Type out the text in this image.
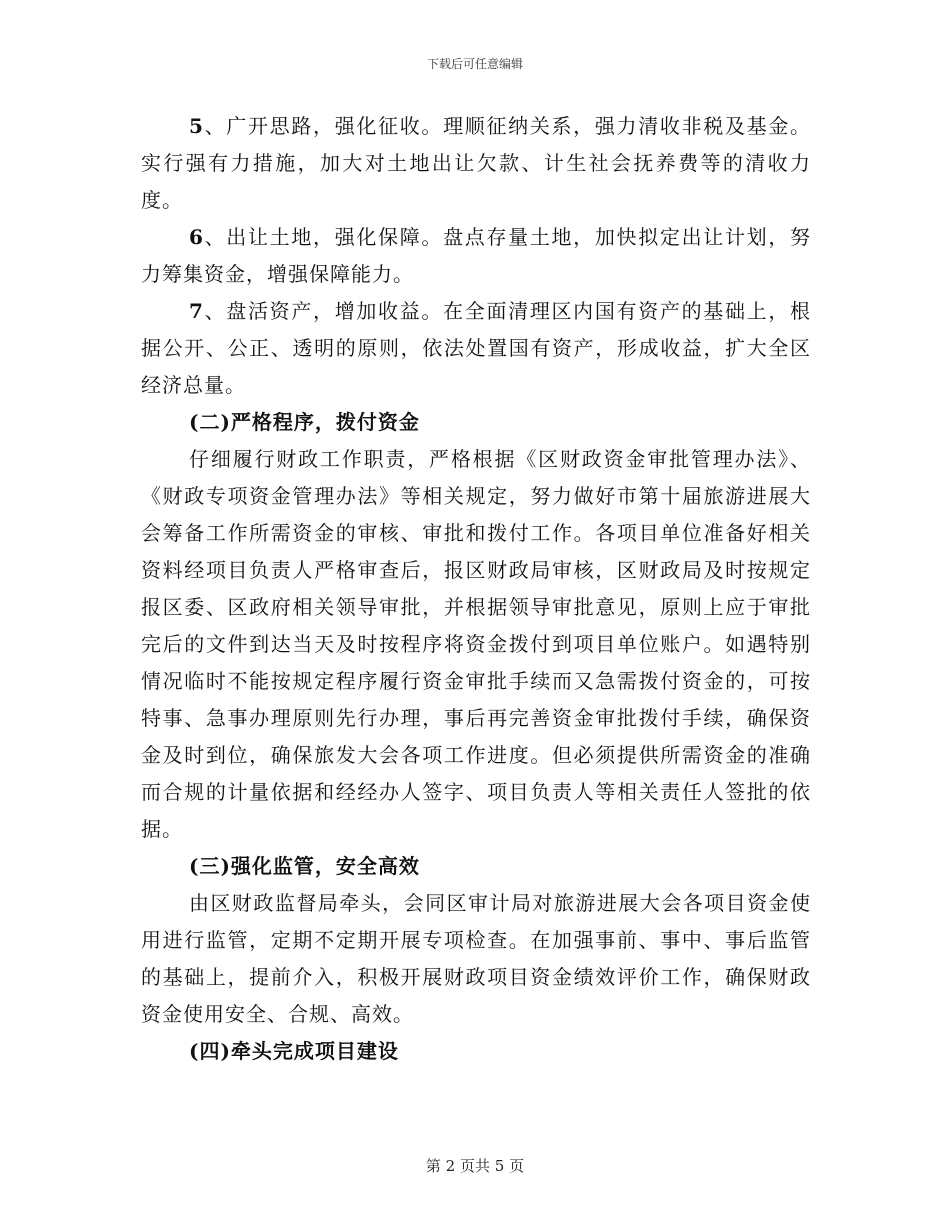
下载后可任意编辑

5、广开思路，强化征收。理顺征纳关系，强力清收非税及基金。实行强有力措施，加大对土地出让欠款、计生社会抚养费等的清收力度。

6、出让土地，强化保障。盘点存量土地，加快拟定出让计划，努力筹集资金，增强保障能力。

7、盘活资产，增加收益。在全面清理区内国有资产的基础上，根据公开、公正、透明的原则，依法处置国有资产，形成收益，扩大全区经济总量。

(二)严格程序，拨付资金

仔细履行财政工作职责，严格根据《区财政资金审批管理办法》、《财政专项资金管理办法》等相关规定，努力做好市第十届旅游进展大会筹备工作所需资金的审核、审批和拨付工作。各项目单位准备好相关资料经项目负责人严格审查后，报区财政局审核，区财政局及时按规定报区委、区政府相关领导审批，并根据领导审批意见，原则上应于审批完后的文件到达当天及时按程序将资金拨付到项目单位账户。如遇特别情况临时不能按规定程序履行资金审批手续而又急需拨付资金的，可按特事、急事办理原则先行办理，事后再完善资金审批拨付手续，确保资金及时到位，确保旅发大会各项工作进度。但必须提供所需资金的准确而合规的计量依据和经经办人签字、项目负责人等相关责任人签批的依据。

(三)强化监管，安全高效

由区财政监督局牵头，会同区审计局对旅游进展大会各项目资金使用进行监管，定期不定期开展专项检查。在加强事前、事中、事后监管的基础上，提前介入，积极开展财政项目资金绩效评价工作，确保财政资金使用安全、合规、高效。

(四)牵头完成项目建设

第 2 页共 5 页
